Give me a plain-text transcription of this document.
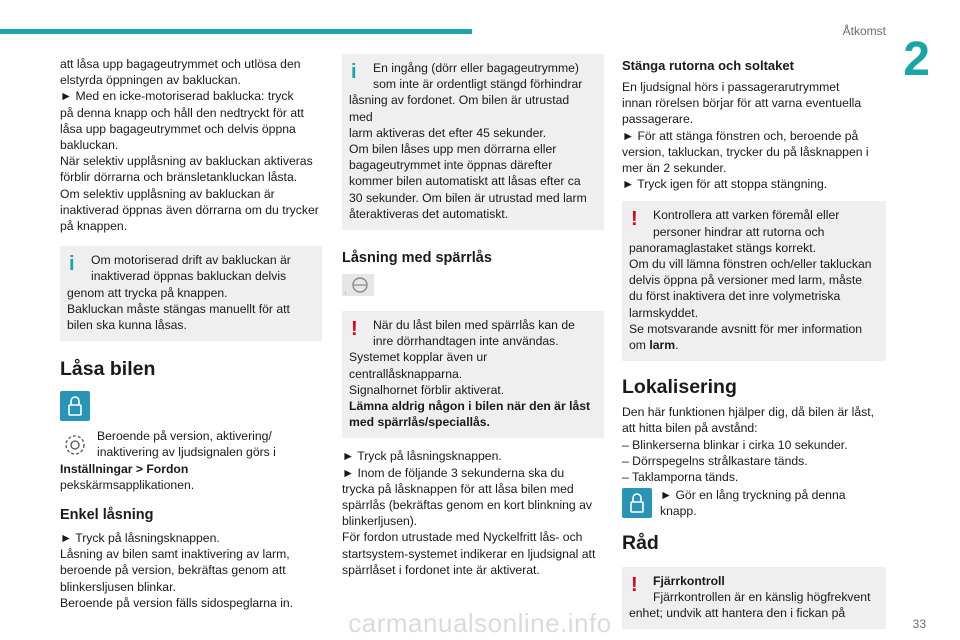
Åtkomst
2
att låsa upp bagageutrymmet och utlösa den
elstyrda öppningen av bakluckan.
► Med en icke-motoriserad baklucka: tryck
på denna knapp och håll den nedtryckt för att
låsa upp bagageutrymmet och delvis öppna
bakluckan.
När selektiv upplåsning av bakluckan aktiveras
förblir dörrarna och bränsletankluckan låsta.
Om selektiv upplåsning av bakluckan är
inaktiverad öppnas även dörrarna om du trycker
på knappen.
i	Om motoriserad drift av bakluckan är
inaktiverad öppnas bakluckan delvis
genom att trycka på knappen.
Bakluckan måste stängas manuellt för att
bilen ska kunna låsas.
Låsa bilen
Beroende på version, aktivering/
inaktivering av ljudsignalen görs i
Inställningar > Fordon pekskärmsapplikationen.
Enkel låsning
► Tryck på låsningsknappen.
Låsning av bilen samt inaktivering av larm,
beroende på version, bekräftas genom att
blinkersljusen blinkar.
Beroende på version fälls sidospeglarna in.
i	En ingång (dörr eller bagageutrymme)
som inte är ordentligt stängd förhindrar
låsning av fordonet. Om bilen är utrustad med
larm aktiveras det efter 45 sekunder.
Om bilen låses upp men dörrarna eller
bagageutrymmet inte öppnas därefter
kommer bilen automatiskt att låsas efter ca
30 sekunder. Om bilen är utrustad med larm
återaktiveras det automatiskt.
Låsning med spärrlås
↓
!	När du låst bilen med spärrlås kan de
inre dörrhandtagen inte användas.
Systemet kopplar även ur
centrallåsknapparna.
Signalhornet förblir aktiverat.
Lämna aldrig någon i bilen när den är låst
med spärrlås/speciallås.
► Tryck på låsningsknappen.
► Inom de följande 3 sekunderna ska du
trycka på låsknappen för att låsa bilen med
spärrlås (bekräftas genom en kort blinkning av
blinkerljusen).
För fordon utrustade med Nyckelfritt lås- och
startsystem-systemet indikerar en ljudsignal att
spärrlåset i fordonet inte är aktiverat.
Stänga rutorna och soltaket
En ljudsignal hörs i passagerarutrymmet
innan rörelsen börjar för att varna eventuella
passagerare.
► För att stänga fönstren och, beroende på
version, takluckan, trycker du på låsknappen i
mer än 2 sekunder.
► Tryck igen för att stoppa stängning.
!	Kontrollera att varken föremål eller
personer hindrar att rutorna och
panoramaglastaket stängs korrekt.
Om du vill lämna fönstren och/eller takluckan
delvis öppna på versioner med larm, måste
du först inaktivera det inre volymetriska
larmskyddet.
Se motsvarande avsnitt för mer information
om larm.
Lokalisering
Den här funktionen hjälper dig, då bilen är låst,
att hitta bilen på avstånd:
– Blinkerserna blinkar i cirka 10 sekunder.
– Dörrspegelns strålkastare tänds.
– Taklamporna tänds.
► Gör en lång tryckning på denna
knapp.
Råd
!	Fjärrkontroll
Fjärrkontrollen är en känslig högfrekvent
enhet; undvik att hantera den i fickan på
carmanualsonline.info	33
